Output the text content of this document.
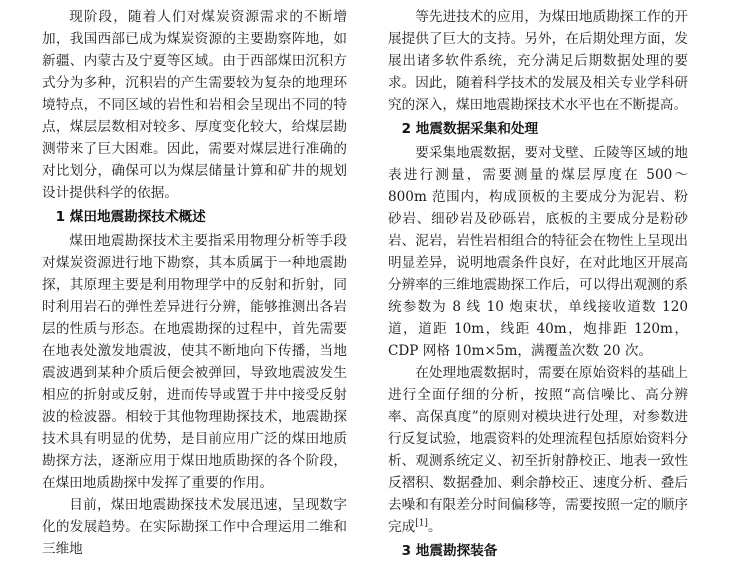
现阶段，随着人们对煤炭资源需求的不断增加，我国西部已成为煤炭资源的主要勘察阵地，如新疆、内蒙古及宁夏等区域。由于西部煤田沉积方式分为多种，沉积岩的产生需要较为复杂的地理环境特点，不同区域的岩性和岩相会呈现出不同的特点，煤层层数相对较多、厚度变化较大，给煤层勘测带来了巨大困难。因此，需要对煤层进行准确的对比划分，确保可以为煤层储量计算和矿井的规划设计提供科学的依据。

1 煤田地震勘探技术概述

煤田地震勘探技术主要指采用物理分析等手段对煤炭资源进行地下勘察，其本质属于一种地震勘探，其原理主要是利用物理学中的反射和折射，同时利用岩石的弹性差异进行分辨，能够推测出各岩层的性质与形态。在地震勘探的过程中，首先需要在地表处激发地震波，使其不断地向下传播，当地震波遇到某种介质后便会被弹回，导致地震波发生相应的折射或反射，进而传导或置于井中接受反射波的检波器。相较于其他物理勘探技术，地震勘探技术具有明显的优势，是目前应用广泛的煤田地质勘探方法，逐渐应用于煤田地质勘探的各个阶段，在煤田地质勘探中发挥了重要的作用。

目前，煤田地震勘探技术发展迅速，呈现数字化的发展趋势。在实际勘探工作中合理运用二维和三维地

等先进技术的应用，为煤田地质勘探工作的开展提供了巨大的支持。另外，在后期处理方面，发展出诸多软件系统，充分满足后期数据处理的要求。因此，随着科学技术的发展及相关专业学科研究的深入，煤田地震勘探技术水平也在不断提高。

2 地震数据采集和处理

要采集地震数据，要对戈壁、丘陵等区域的地表进行测量，需要测量的煤层厚度在 500～800m 范围内，构成顶板的主要成分为泥岩、粉砂岩、细砂岩及砂砾岩，底板的主要成分是粉砂岩、泥岩，岩性岩相组合的特征会在物性上呈现出明显差异，说明地震条件良好，在对此地区开展高分辨率的三维地震勘探工作后，可以得出观测的系统参数为 8 线 10 炮束状，单线接收道数 120 道，道距 10m，线距 40m，炮排距 120m，CDP 网格 10m×5m，满覆盖次数 20 次。

在处理地震数据时，需要在原始资料的基础上进行全面仔细的分析，按照“高信噪比、高分辨率、高保真度”的原则对模块进行处理，对参数进行反复试验，地震资料的处理流程包括原始资料分析、观测系统定义、初至折射静校正、地表一致性反褶积、数据叠加、剩余静校正、速度分析、叠后去噪和有限差分时间偏移等，需要按照一定的顺序完成[1]。

3 地震勘探装备
